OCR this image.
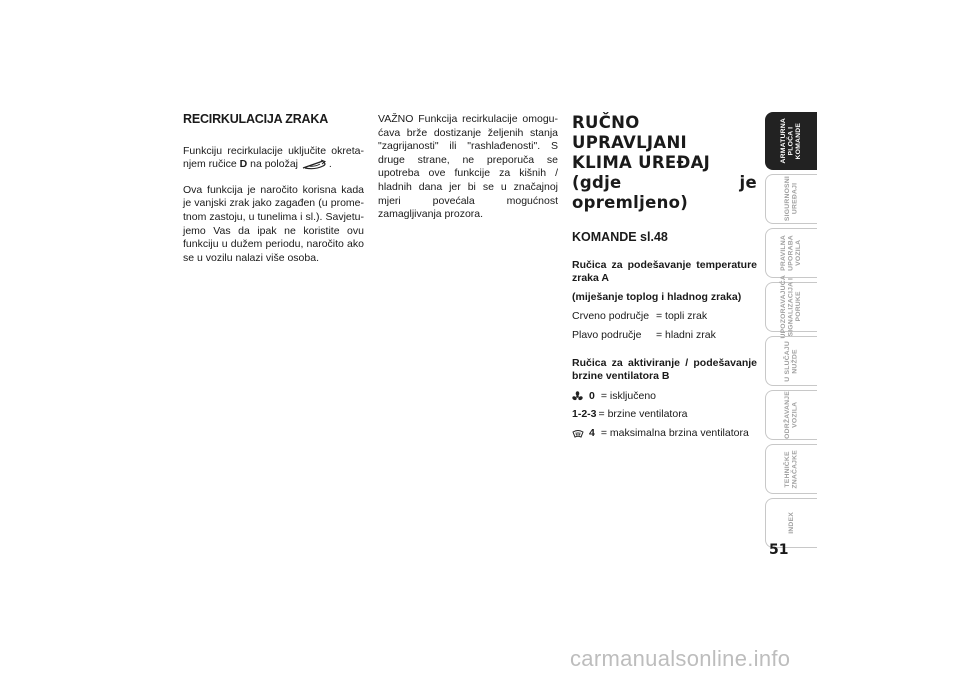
RECIRKULACIJA ZRAKA

Funkciju recirkulacije uključite okreta-njem ručice D na položaj	.

Ova funkcija je naročito korisna kada je vanjski zrak jako zagađen (u prome-tnom zastoju, u tunelima i sl.). Savjetu-jemo Vas da ipak ne koristite ovu funkciju u dužem periodu, naročito ako se u vozilu nalazi više osoba.

VAŽNO Funkcija recirkulacije omogu-ćava brže dostizanje željenih stanja "zagrijanosti" ili "rashlađenosti". S druge strane, ne preporuča se upotreba ove funkcije za kišnih / hladnih dana jer bi se u značajnoj mjeri povećala mogućnost zamagljivanja prozora.

RUČNO UPRAVLJANI
KLIMA UREĐAJ
(gdje je opremljeno)
KOMANDE sl.48
Ručica za podešavanje temperature zraka A
(miješanje toplog i hladnog zraka)
Crveno područje = topli zrak
Plavo područje	= hladni zrak
Ručica za aktiviranje / podešavanje brzine ventilatora B
0 = isključeno
1-2-3 = brzine ventilatora
4 = maksimalna brzina ventilatora
ARMATURNA
PLOČA I
KOMANDE
SIGURNOSNI
UREĐAJI
PRAVILNA
UPORABA
VOZILA
UPOZORAVAJUĆA
SIGNALIZACIJA I
PORUKE
U SLUČAJU
NUŽDE
ODRŽAVANJE
VOZILA
TEHNIČKE
ZNAČAJKE
INDEX
51
carmanualsonline.info
